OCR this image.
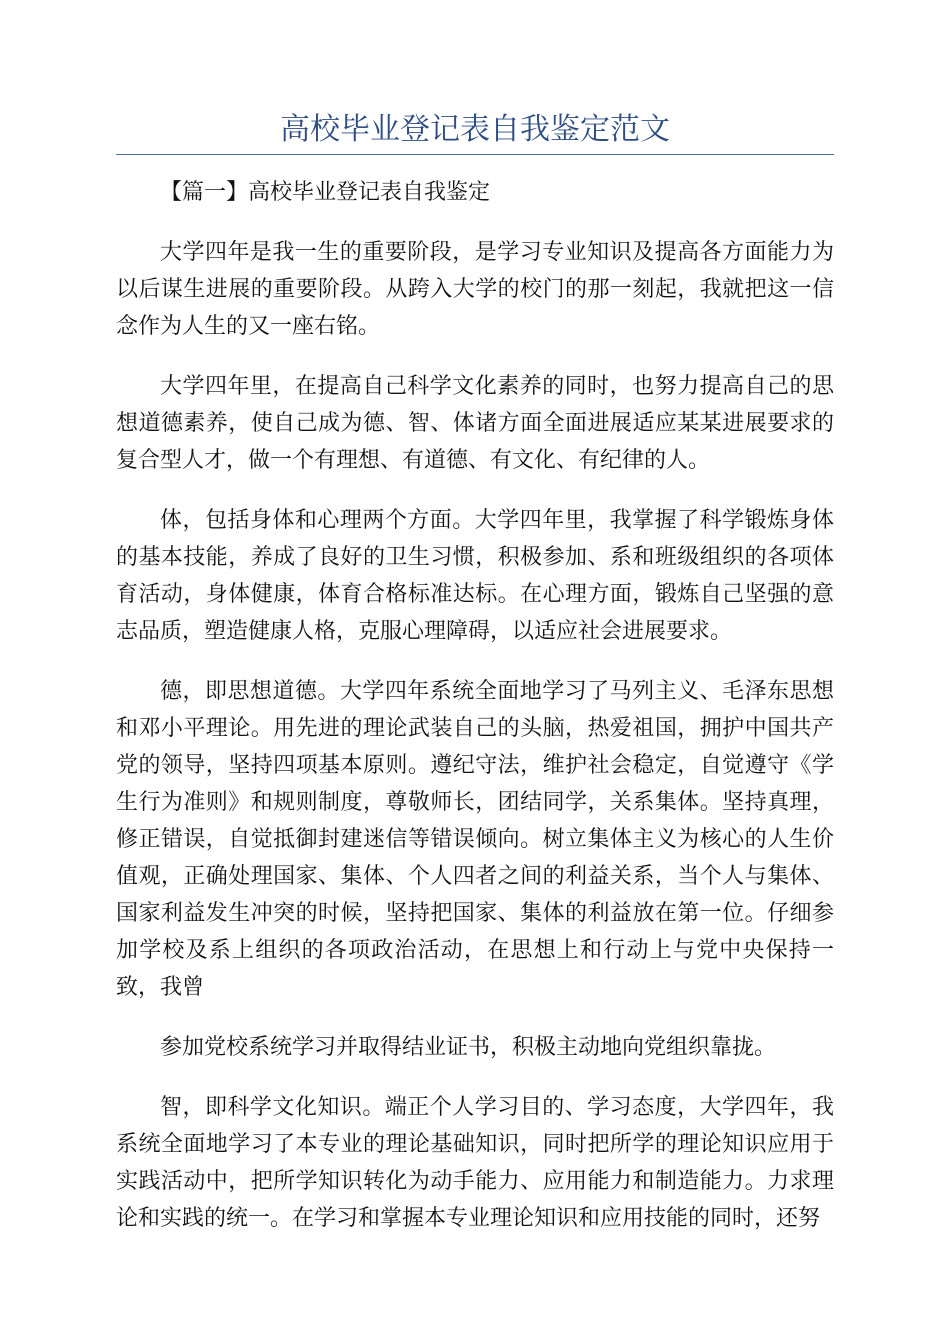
高校毕业登记表自我鉴定范文
【篇一】高校毕业登记表自我鉴定
大学四年是我一生的重要阶段，是学习专业知识及提高各方面能力为
以后谋生进展的重要阶段。从跨入大学的校门的那一刻起，我就把这一信
念作为人生的又一座右铭。
大学四年里，在提高自己科学文化素养的同时，也努力提高自己的思
想道德素养，使自己成为德、智、体诸方面全面进展适应某某进展要求的
复合型人才，做一个有理想、有道德、有文化、有纪律的人。
体，包括身体和心理两个方面。大学四年里，我掌握了科学锻炼身体
的基本技能，养成了良好的卫生习惯，积极参加、系和班级组织的各项体
育活动，身体健康，体育合格标准达标。在心理方面，锻炼自己坚强的意
志品质，塑造健康人格，克服心理障碍，以适应社会进展要求。
德，即思想道德。大学四年系统全面地学习了马列主义、毛泽东思想
和邓小平理论。用先进的理论武装自己的头脑，热爱祖国，拥护中国共产
党的领导，坚持四项基本原则。遵纪守法，维护社会稳定，自觉遵守《学
生行为准则》和规则制度，尊敬师长，团结同学，关系集体。坚持真理，
修正错误，自觉抵御封建迷信等错误倾向。树立集体主义为核心的人生价
值观，正确处理国家、集体、个人四者之间的利益关系，当个人与集体、
国家利益发生冲突的时候，坚持把国家、集体的利益放在第一位。仔细参
加学校及系上组织的各项政治活动，在思想上和行动上与党中央保持一
致，我曾
参加党校系统学习并取得结业证书，积极主动地向党组织靠拢。
智，即科学文化知识。端正个人学习目的、学习态度，大学四年，我
系统全面地学习了本专业的理论基础知识，同时把所学的理论知识应用于
实践活动中，把所学知识转化为动手能力、应用能力和制造能力。力求理
论和实践的统一。在学习和掌握本专业理论知识和应用技能的同时，还努
